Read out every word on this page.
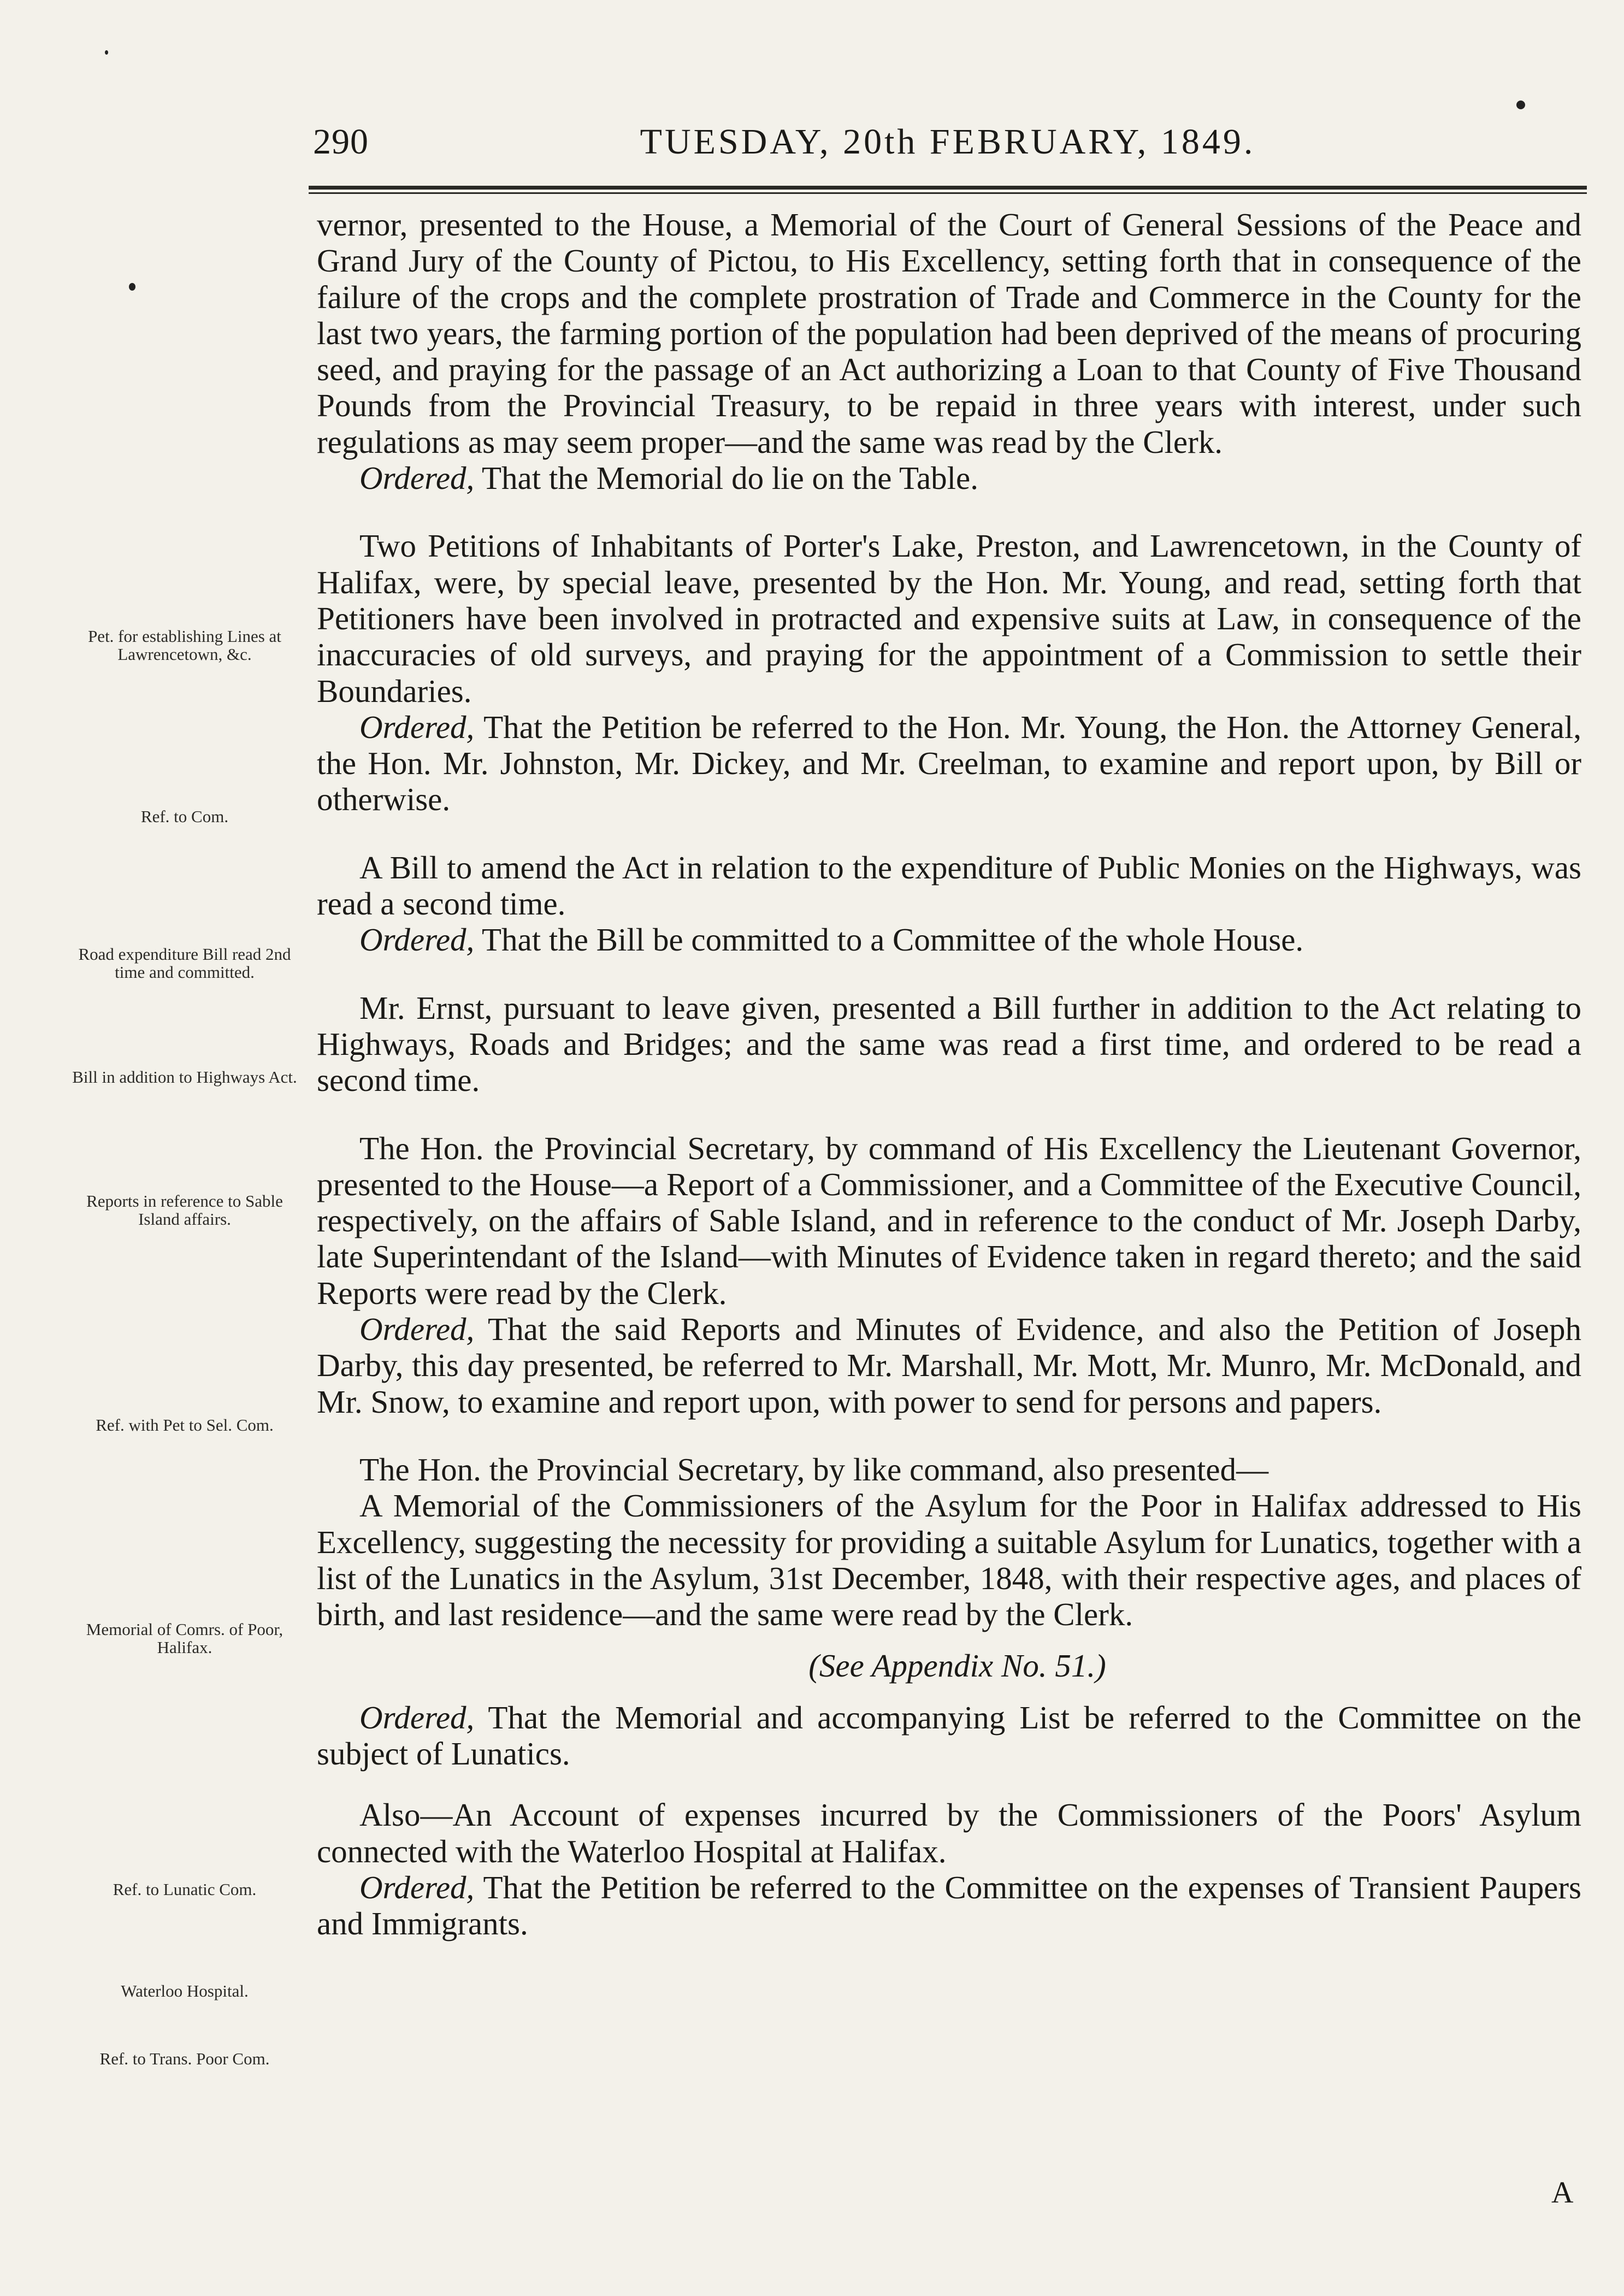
290	TUESDAY, 20th FEBRUARY, 1849.

vernor, presented to the House, a Memorial of the Court of General Sessions of the Peace and Grand Jury of the County of Pictou, to His Excellency, setting forth that in consequence of the failure of the crops and the complete prostration of Trade and Commerce in the County for the last two years, the farming portion of the population had been deprived of the means of procuring seed, and praying for the passage of an Act authorizing a Loan to that County of Five Thousand Pounds from the Provincial Treasury, to be repaid in three years with interest, under such regulations as may seem proper—and the same was read by the Clerk.

Ordered, That the Memorial do lie on the Table.

Two Petitions of Inhabitants of Porter's Lake, Preston, and Lawrencetown, in the County of Halifax, were, by special leave, presented by the Hon. Mr. Young, and read, setting forth that Petitioners have been involved in protracted and expensive suits at Law, in consequence of the inaccuracies of old surveys, and praying for the appointment of a Commission to settle their Boundaries.

Ordered, That the Petition be referred to the Hon. Mr. Young, the Hon. the Attorney General, the Hon. Mr. Johnston, Mr. Dickey, and Mr. Creelman, to examine and report upon, by Bill or otherwise.

A Bill to amend the Act in relation to the expenditure of Public Monies on the Highways, was read a second time.

Ordered, That the Bill be committed to a Committee of the whole House.

Mr. Ernst, pursuant to leave given, presented a Bill further in addition to the Act relating to Highways, Roads and Bridges; and the same was read a first time, and ordered to be read a second time.

The Hon. the Provincial Secretary, by command of His Excellency the Lieutenant Governor, presented to the House—a Report of a Commissioner, and a Committee of the Executive Council, respectively, on the affairs of Sable Island, and in reference to the conduct of Mr. Joseph Darby, late Superintendant of the Island—with Minutes of Evidence taken in regard thereto; and the said Reports were read by the Clerk.

Ordered, That the said Reports and Minutes of Evidence, and also the Petition of Joseph Darby, this day presented, be referred to Mr. Marshall, Mr. Mott, Mr. Munro, Mr. McDonald, and Mr. Snow, to examine and report upon, with power to send for persons and papers.

The Hon. the Provincial Secretary, by like command, also presented—

A Memorial of the Commissioners of the Asylum for the Poor in Halifax addressed to His Excellency, suggesting the necessity for providing a suitable Asylum for Lunatics, together with a list of the Lunatics in the Asylum, 31st December, 1848, with their respective ages, and places of birth, and last residence—and the same were read by the Clerk.

(See Appendix No. 51.)

Ordered, That the Memorial and accompanying List be referred to the Committee on the subject of Lunatics.

Also—An Account of expenses incurred by the Commissioners of the Poors' Asylum connected with the Waterloo Hospital at Halifax.

Ordered, That the Petition be referred to the Committee on the expenses of Transient Paupers and Immigrants.

Pet. for establishing Lines at Lawrencetown, &c.
Ref. to Com.
Road expenditure Bill read 2nd time and committed.
Bill in addition to Highways Act.
Reports in reference to Sable Island affairs.
Ref. with Pet to Sel. Com.
Memorial of Comrs. of Poor, Halifax.
Ref. to Lunatic Com.
Waterloo Hospital.
Ref. to Trans. Poor Com.
A
